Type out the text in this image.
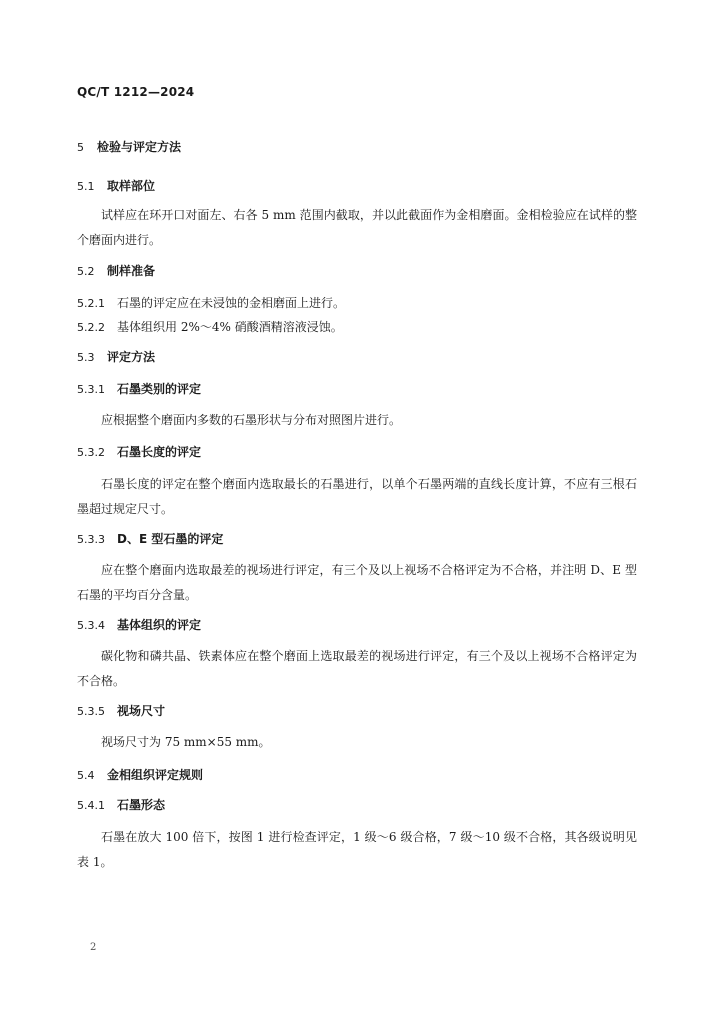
QC/T 1212—2024
5 检验与评定方法
5.1 取样部位
试样应在环开口对面左、右各 5 mm 范围内截取，并以此截面作为金相磨面。金相检验应在试样的整个磨面内进行。
5.2 制样准备
5.2.1 石墨的评定应在未浸蚀的金相磨面上进行。
5.2.2 基体组织用 2%～4% 硝酸酒精溶液浸蚀。
5.3 评定方法
5.3.1 石墨类别的评定
应根据整个磨面内多数的石墨形状与分布对照图片进行。
5.3.2 石墨长度的评定
石墨长度的评定在整个磨面内选取最长的石墨进行，以单个石墨两端的直线长度计算，不应有三根石墨超过规定尺寸。
5.3.3 D、E 型石墨的评定
应在整个磨面内选取最差的视场进行评定，有三个及以上视场不合格评定为不合格，并注明 D、E 型石墨的平均百分含量。
5.3.4 基体组织的评定
碳化物和磷共晶、铁素体应在整个磨面上选取最差的视场进行评定，有三个及以上视场不合格评定为不合格。
5.3.5 视场尺寸
视场尺寸为 75 mm×55 mm。
5.4 金相组织评定规则
5.4.1 石墨形态
石墨在放大 100 倍下，按图 1 进行检查评定，1 级～6 级合格，7 级～10 级不合格，其各级说明见表 1。
2
